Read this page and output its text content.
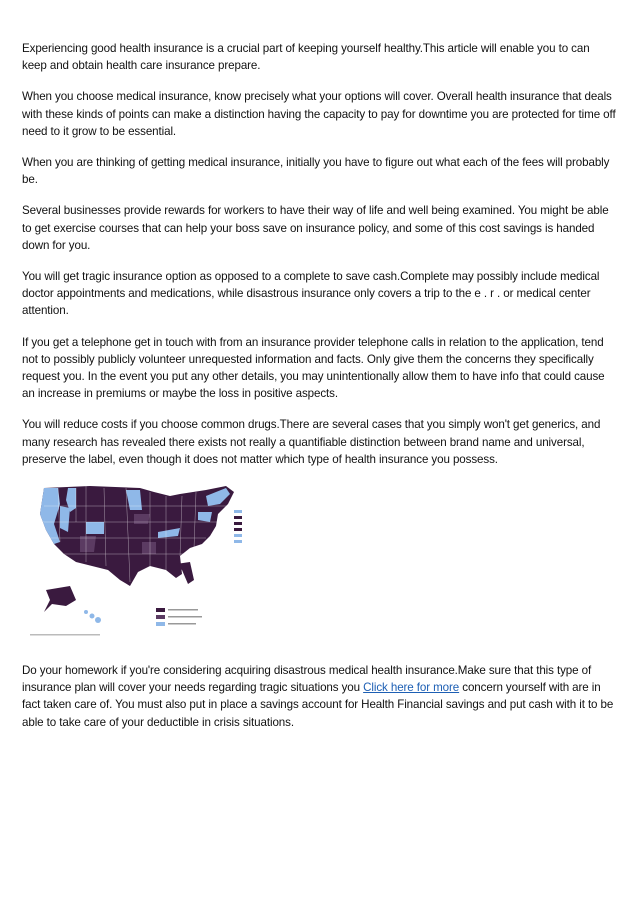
Experiencing good health insurance is a crucial part of keeping yourself healthy.This article will enable you to can keep and obtain health care insurance prepare.

When you choose medical insurance, know precisely what your options will cover. Overall health insurance that deals with these kinds of points can make a distinction having the capacity to pay for downtime you are protected for time off need to it grow to be essential.

When you are thinking of getting medical insurance, initially you have to figure out what each of the fees will probably be.

Several businesses provide rewards for workers to have their way of life and well being examined. You might be able to get exercise courses that can help your boss save on insurance policy, and some of this cost savings is handed down for you.

You will get tragic insurance option as opposed to a complete to save cash.Complete may possibly include medical doctor appointments and medications, while disastrous insurance only covers a trip to the e . r . or medical center attention.

If you get a telephone get in touch with from an insurance provider telephone calls in relation to the application, tend not to possibly publicly volunteer unrequested information and facts. Only give them the concerns they specifically request you. In the event you put any other details, you may unintentionally allow them to have info that could cause an increase in premiums or maybe the loss in positive aspects.

You will reduce costs if you choose common drugs.There are several cases that you simply won't get generics, and many research has revealed there exists not really a quantifiable distinction between brand name and universal, preserve the label, even though it does not matter which type of health insurance you possess.

Do your homework if you're considering acquiring disastrous medical health insurance.Make sure that this type of insurance plan will cover your needs regarding tragic situations you Click here for more concern yourself with are in fact taken care of. You must also put in place a savings account for Health Financial savings and put cash with it to be able to take care of your deductible in crisis situations.
